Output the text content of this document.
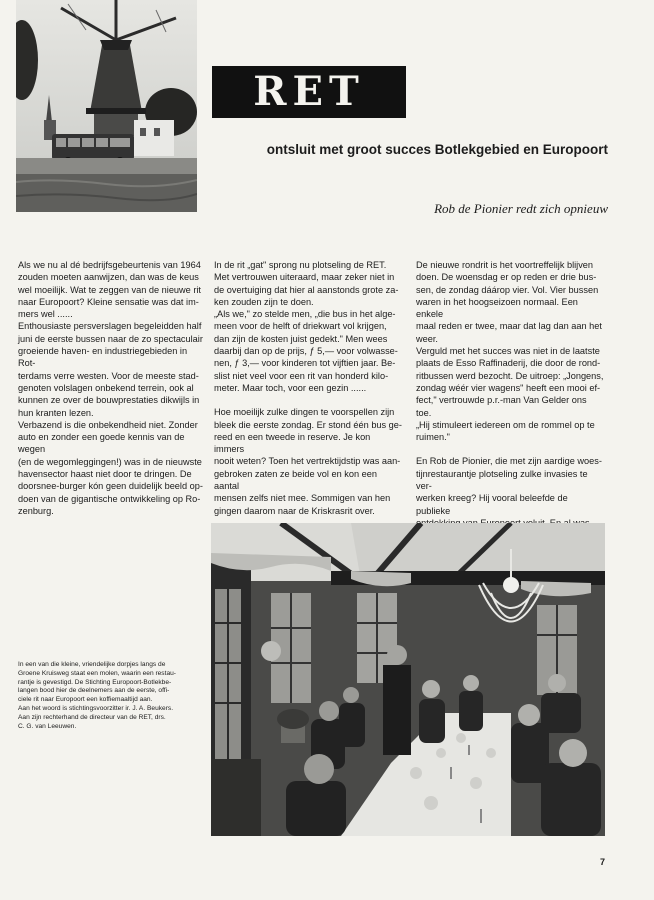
RET
ontsluit met groot succes Botlekgebied en Europoort
Rob de Pionier redt zich opnieuw

Als we nu al dé bedrijfsgebeurtenis van 1964
zouden moeten aanwijzen, dan was de keus
wel moeilijk. Wat te zeggen van de nieuwe rit
naar Europoort? Kleine sensatie was dat im-
mers wel ......
Enthousiaste persverslagen begeleidden half
juni de eerste bussen naar de zo spectaculair
groeiende haven- en industriegebieden in Rot-
terdams verre westen. Voor de meeste stad-
genoten volslagen onbekend terrein, ook al
kunnen ze over de bouwprestaties dikwijls in
hun kranten lezen.
Verbazend is die onbekendheid niet. Zonder
auto en zonder een goede kennis van de wegen
(en de wegomleggingen!) was in de nieuwste
havensector haast niet door te dringen. De
doorsnee-burger kón geen duidelijk beeld op-
doen van de gigantische ontwikkeling op Ro-
zenburg.

In de rit „gat" sprong nu plotseling de RET.
Met vertrouwen uiteraard, maar zeker niet in
de overtuiging dat hier al aanstonds grote za-
ken zouden zijn te doen.
„Als we," zo stelde men, „die bus in het alge-
meen voor de helft of driekwart vol krijgen,
dan zijn de kosten juist gedekt." Men wees
daarbij dan op de prijs, ƒ 5,— voor volwasse-
nen, ƒ 3,— voor kinderen tot vijftien jaar. Be-
slist niet veel voor een rit van honderd kilo-
meter. Maar toch, voor een gezin ......

Hoe moeilijk zulke dingen te voorspellen zijn
bleek die eerste zondag. Er stond één bus ge-
reed en een tweede in reserve. Je kon immers
nooit weten? Toen het vertrektijdstip was aan-
gebroken zaten ze beide vol en kon een aantal
mensen zelfs niet mee. Sommigen van hen
gingen daarom naar de Kriskrasrit over.

De nieuwe rondrit is het voortreffelijk blijven
doen. De woensdag er op reden er drie bus-
sen, de zondag dáárop vier. Vol. Vier bussen
waren in het hoogseizoen normaal. Een enkele
maal reden er twee, maar dat lag dan aan het
weer.
Verguld met het succes was niet in de laatste
plaats de Esso Raffinaderij, die door de rond-
ritbussen werd bezocht. De uitroep: „Jongens,
zondag wéér vier wagens" heeft een mooi ef-
fect," vertrouwde p.r.-man Van Gelder ons toe.
„Hij stimuleert iedereen om de rommel op te
ruimen."

En Rob de Pionier, die met zijn aardige woes-
tijnrestaurantje plotseling zulke invasies te ver-
werken kreeg? Hij vooral beleefde de publieke

In een van die kleine, vriendelijke dorpjes langs de
Groene Kruisweg staat een molen, waarin een restau-
rantje is gevestigd. De Stichting Europoort-Botlekbe-
langen bood hier de deelnemers aan de eerste, offi-
ciele rit naar Europoort een koffiemaaltijd aan.
Aan het woord is stichtingsvoorzitter ir. J. A. Beukers.
Aan zijn rechterhand de directeur van de RET, drs.
C. G. van Leeuwen.
7
